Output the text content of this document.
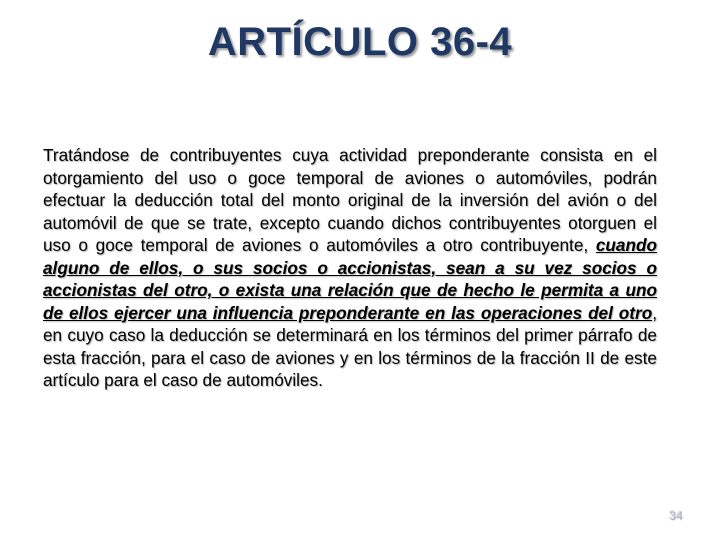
ARTÍCULO 36-4

Tratándose de contribuyentes cuya actividad preponderante consista en el otorgamiento del uso o goce temporal de aviones o automóviles, podrán efectuar la deducción total del monto original de la inversión del avión o del automóvil de que se trate, excepto cuando dichos contribuyentes otorguen el uso o goce temporal de aviones o automóviles a otro contribuyente, cuando alguno de ellos, o sus socios o accionistas, sean a su vez socios o accionistas del otro, o exista una relación que de hecho le permita a uno de ellos ejercer una influencia preponderante en las operaciones del otro, en cuyo caso la deducción se determinará en los términos del primer párrafo de esta fracción, para el caso de aviones y en los términos de la fracción II de este artículo para el caso de automóviles.

34
